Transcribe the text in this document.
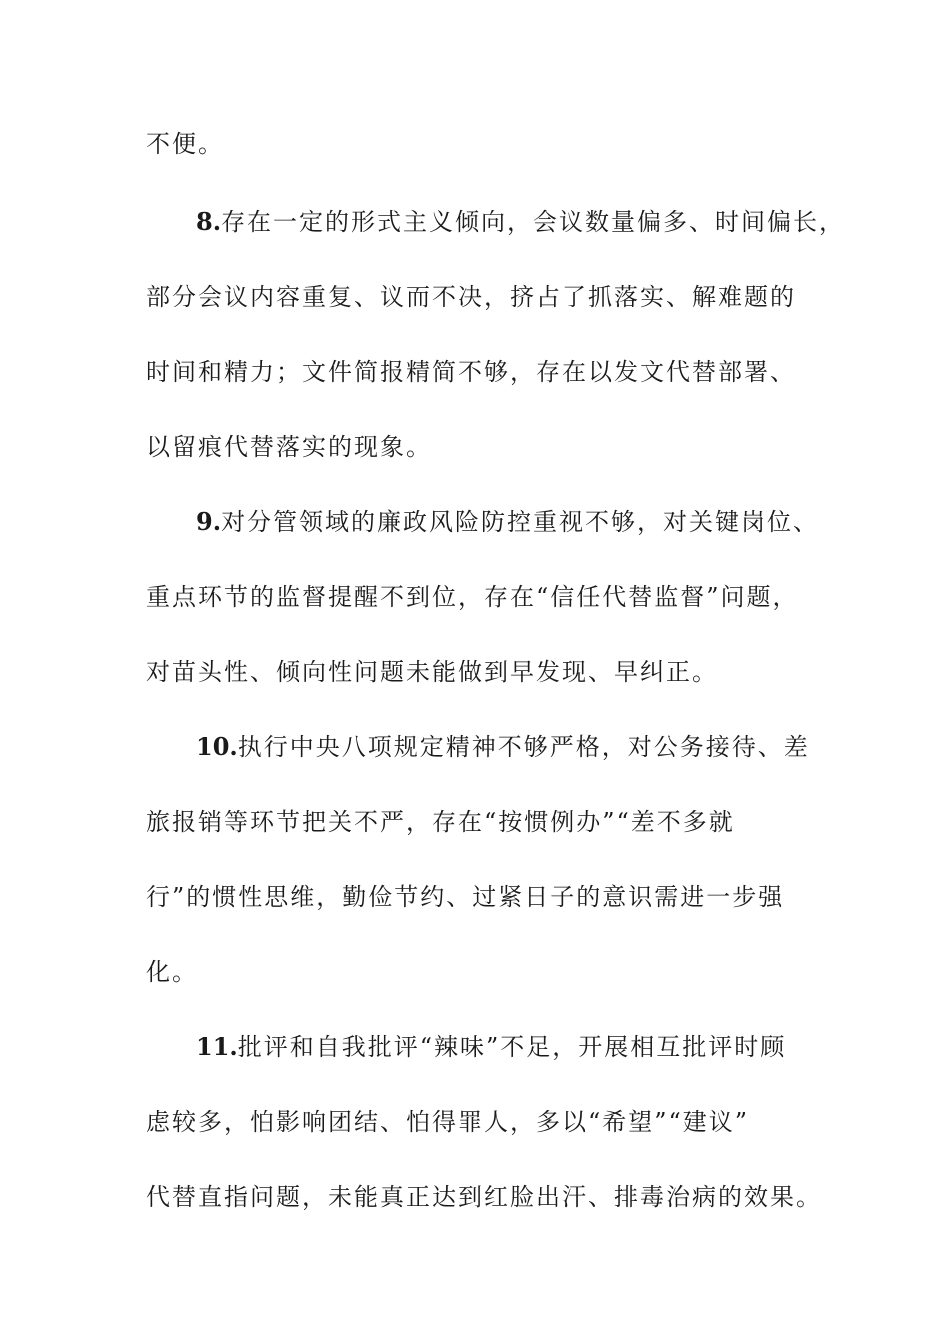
不便。
8.存在一定的形式主义倾向，会议数量偏多、时间偏长，
部分会议内容重复、议而不决，挤占了抓落实、解难题的
时间和精力；文件简报精简不够，存在以发文代替部署、
以留痕代替落实的现象。
9.对分管领域的廉政风险防控重视不够，对关键岗位、
重点环节的监督提醒不到位，存在“信任代替监督”问题，
对苗头性、倾向性问题未能做到早发现、早纠正。
10.执行中央八项规定精神不够严格，对公务接待、差
旅报销等环节把关不严，存在“按惯例办”“差不多就
行”的惯性思维，勤俭节约、过紧日子的意识需进一步强
化。
11.批评和自我批评“辣味”不足，开展相互批评时顾
虑较多，怕影响团结、怕得罪人，多以“希望”“建议”
代替直指问题，未能真正达到红脸出汗、排毒治病的效果。
